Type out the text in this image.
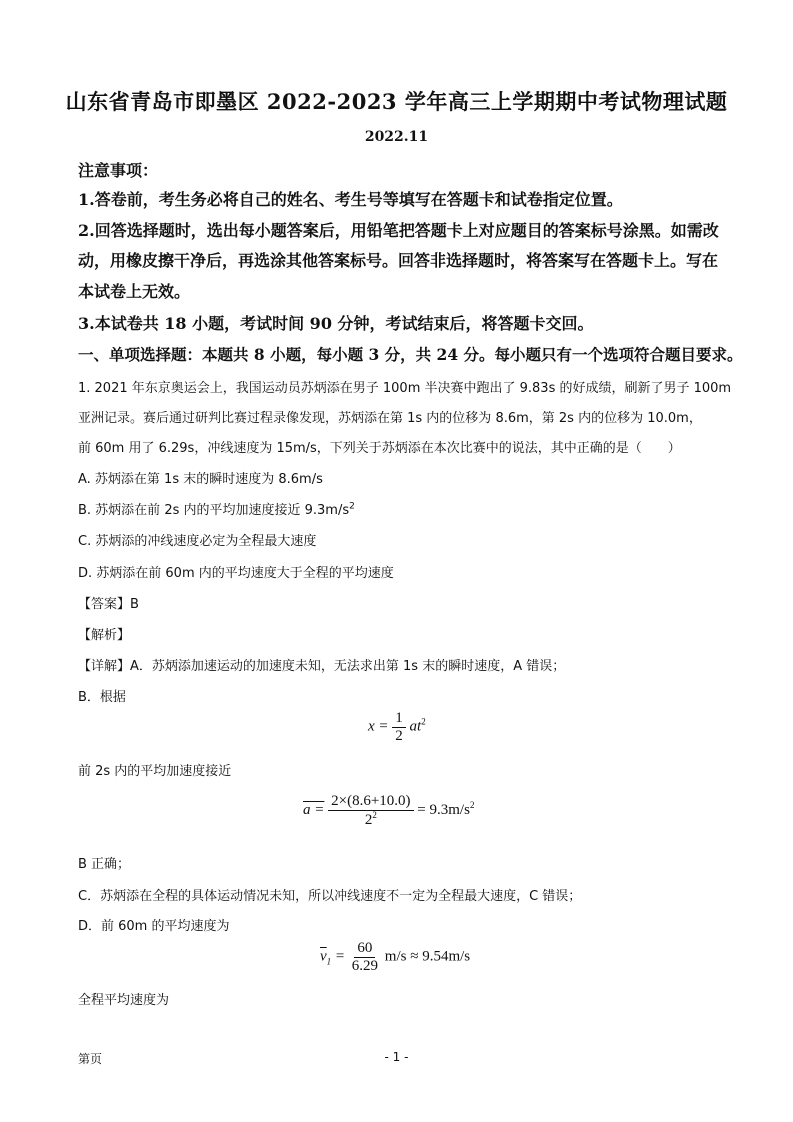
山东省青岛市即墨区 2022-2023 学年高三上学期期中考试物理试题
2022.11
注意事项：
1.答卷前，考生务必将自己的姓名、考生号等填写在答题卡和试卷指定位置。
2.回答选择题时，选出每小题答案后，用铅笔把答题卡上对应题目的答案标号涂黑。如需改
动，用橡皮擦干净后，再选涂其他答案标号。回答非选择题时，将答案写在答题卡上。写在
本试卷上无效。
3.本试卷共 18 小题，考试时间 90 分钟，考试结束后，将答题卡交回。
一、单项选择题：本题共 8 小题，每小题 3 分，共 24 分。每小题只有一个选项符合题目要求。
1. 2021 年东京奥运会上，我国运动员苏炳添在男子 100m 半决赛中跑出了 9.83s 的好成绩，刷新了男子 100m
亚洲记录。赛后通过研判比赛过程录像发现，苏炳添在第 1s 内的位移为 8.6m，第 2s 内的位移为 10.0m，
前 60m 用了 6.29s，冲线速度为 15m/s，下列关于苏炳添在本次比赛中的说法，其中正确的是（　　）
A. 苏炳添在第 1s 末的瞬时速度为 8.6m/s
B. 苏炳添在前 2s 内的平均加速度接近 $9.3m/s^2$
C. 苏炳添的冲线速度必定为全程最大速度
D. 苏炳添在前 60m 内的平均速度大于全程的平均速度
【答案】B
【解析】
【详解】A．苏炳添加速运动的加速度未知，无法求出第 1s 末的瞬时速度，A 错误；
B．根据
$x = \frac{1}{2} at^2$
前 2s 内的平均加速度接近
$a = \frac{2\times(8.6+10.0)}{2^2} = 9.3m/s^2$
B 正确；
C．苏炳添在全程的具体运动情况未知，所以冲线速度不一定为全程最大速度，C 错误；
D．前 60m 的平均速度为
$\overline{v}_1 = \frac{60}{6.29} m/s \approx 9.54m/s$
全程平均速度为
第页	- 1 -
